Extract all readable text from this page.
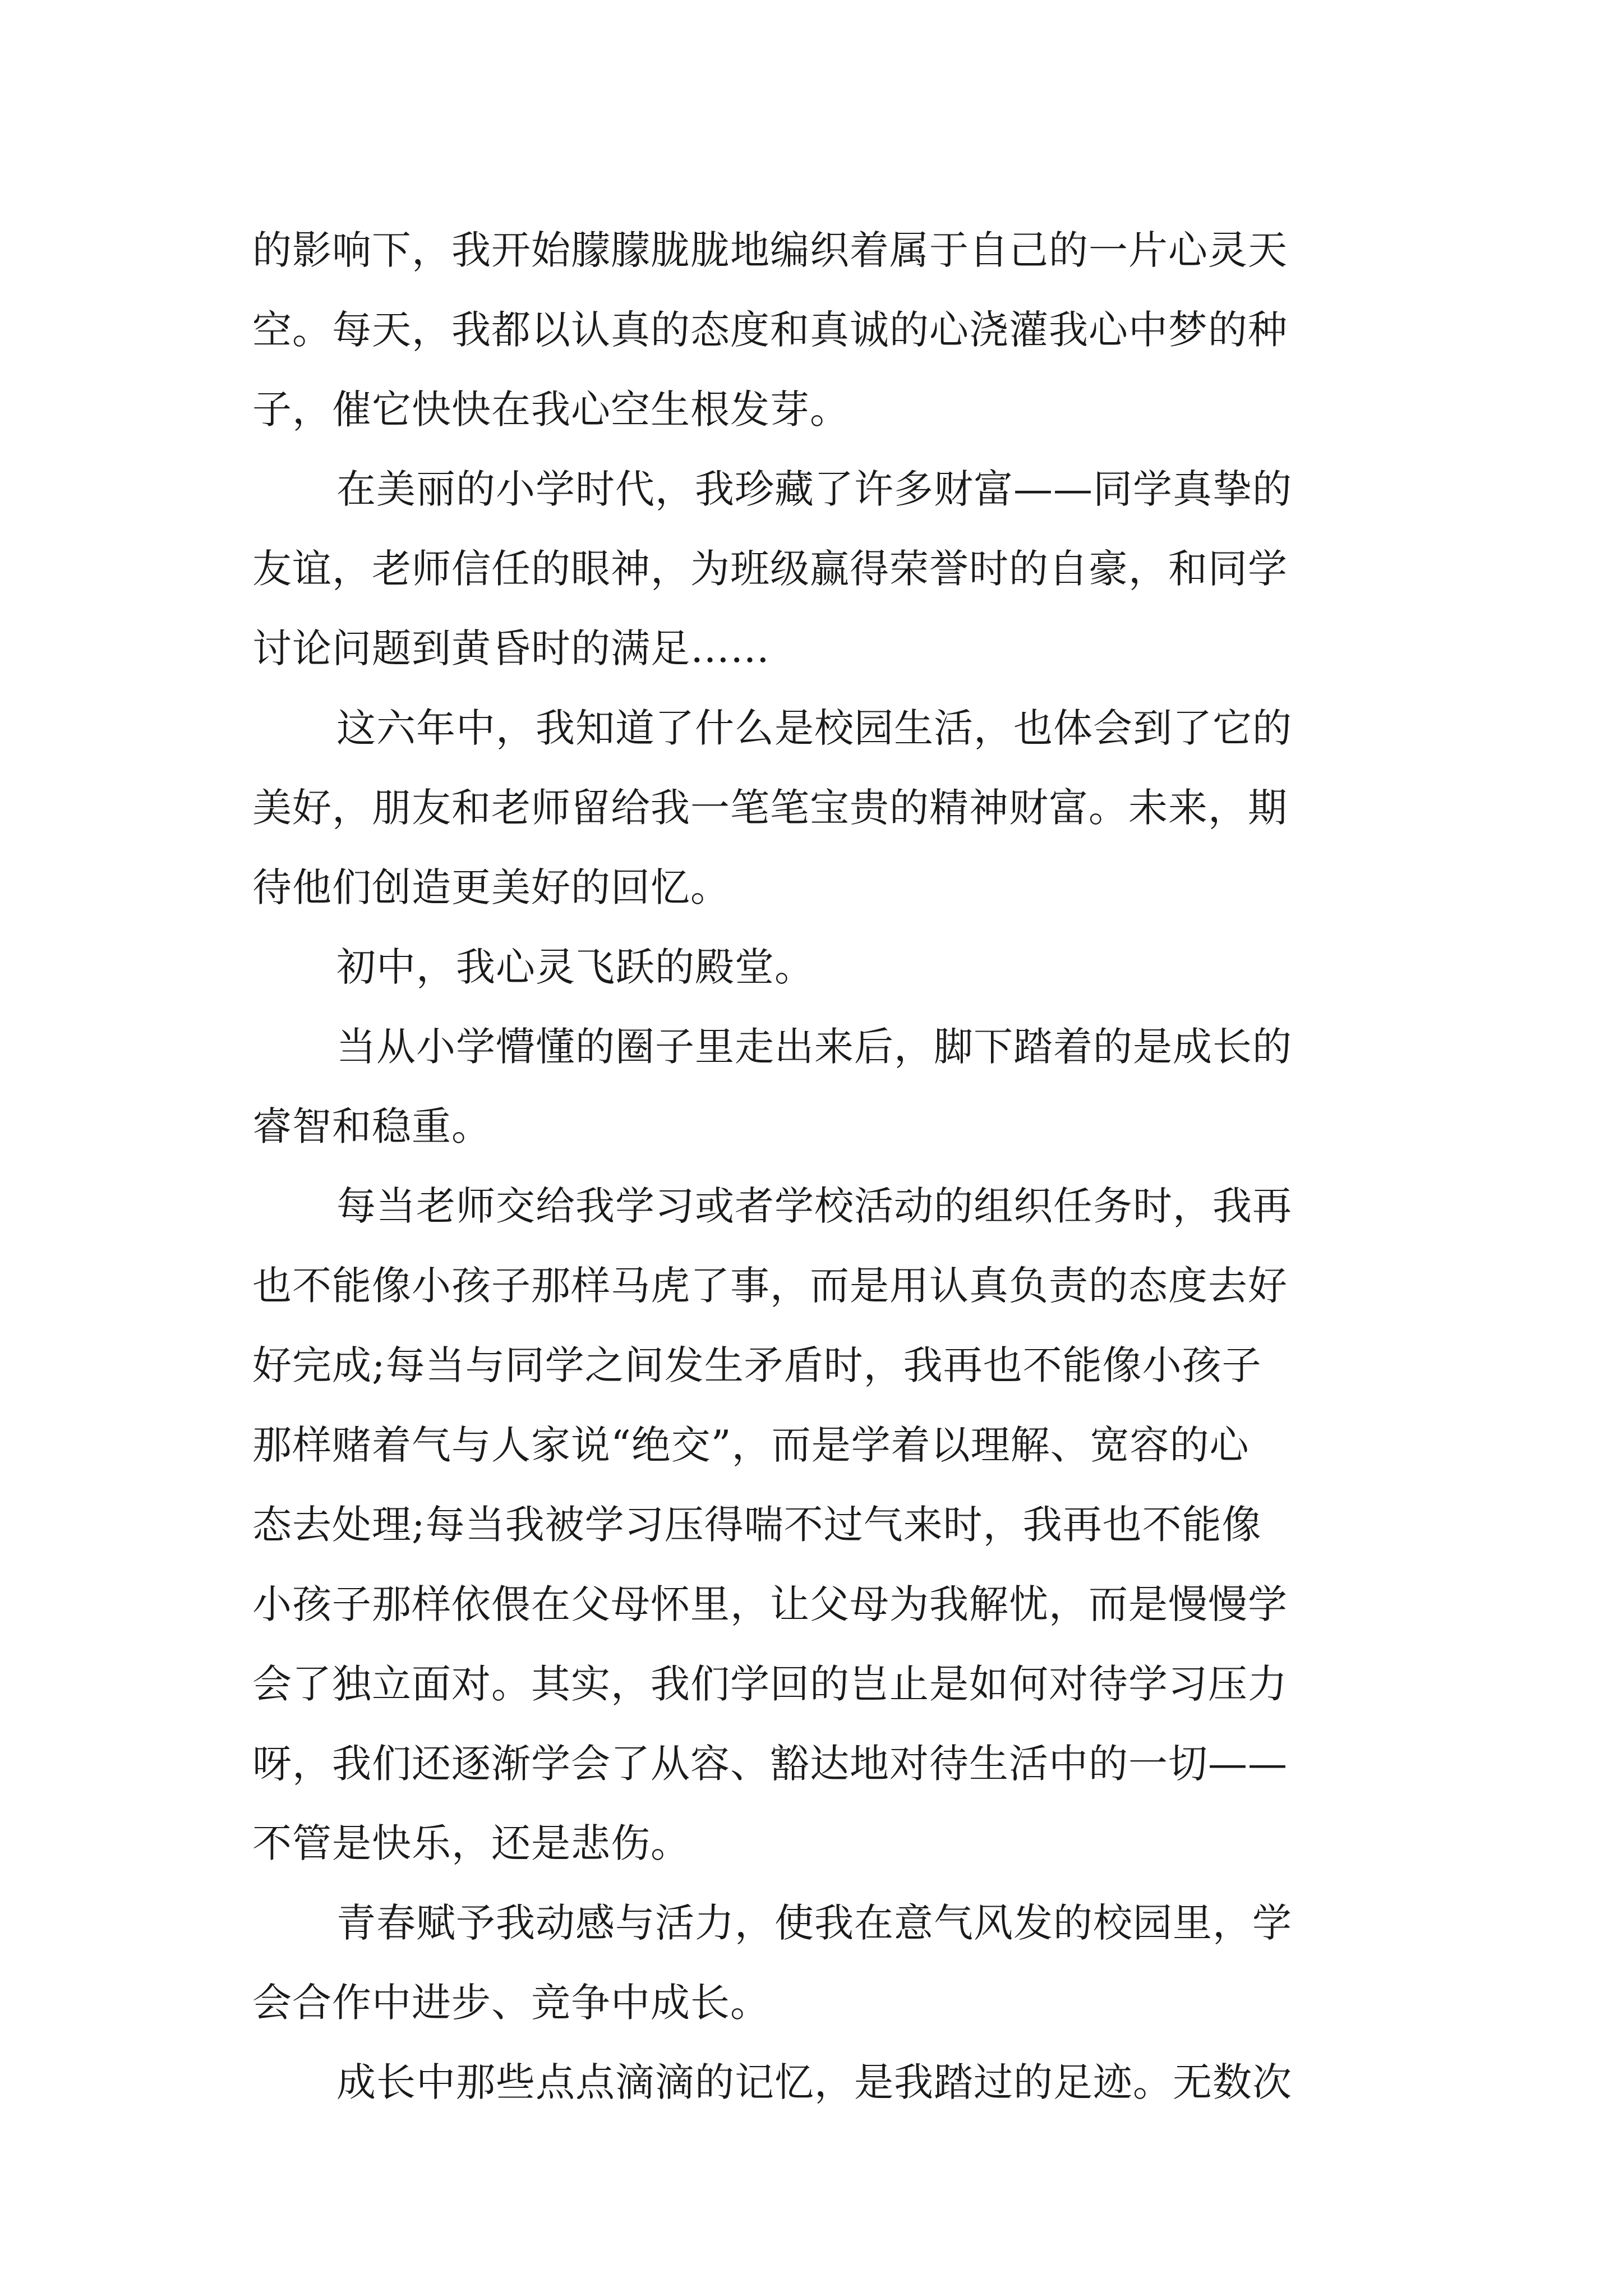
的影响下，我开始朦朦胧胧地编织着属于自己的一片心灵天
空。每天，我都以认真的态度和真诚的心浇灌我心中梦的种
子，催它快快在我心空生根发芽。
在美丽的小学时代，我珍藏了许多财富——同学真挚的
友谊，老师信任的眼神，为班级赢得荣誉时的自豪，和同学
讨论问题到黄昏时的满足……
这六年中，我知道了什么是校园生活，也体会到了它的
美好，朋友和老师留给我一笔笔宝贵的精神财富。未来，期
待他们创造更美好的回忆。
初中，我心灵飞跃的殿堂。
当从小学懵懂的圈子里走出来后，脚下踏着的是成长的
睿智和稳重。
每当老师交给我学习或者学校活动的组织任务时，我再
也不能像小孩子那样马虎了事，而是用认真负责的态度去好
好完成;每当与同学之间发生矛盾时，我再也不能像小孩子
那样赌着气与人家说“绝交”，而是学着以理解、宽容的心
态去处理;每当我被学习压得喘不过气来时，我再也不能像
小孩子那样依偎在父母怀里，让父母为我解忧，而是慢慢学
会了独立面对。其实，我们学回的岂止是如何对待学习压力
呀，我们还逐渐学会了从容、豁达地对待生活中的一切——
不管是快乐，还是悲伤。
青春赋予我动感与活力，使我在意气风发的校园里，学
会合作中进步、竞争中成长。
成长中那些点点滴滴的记忆，是我踏过的足迹。无数次
